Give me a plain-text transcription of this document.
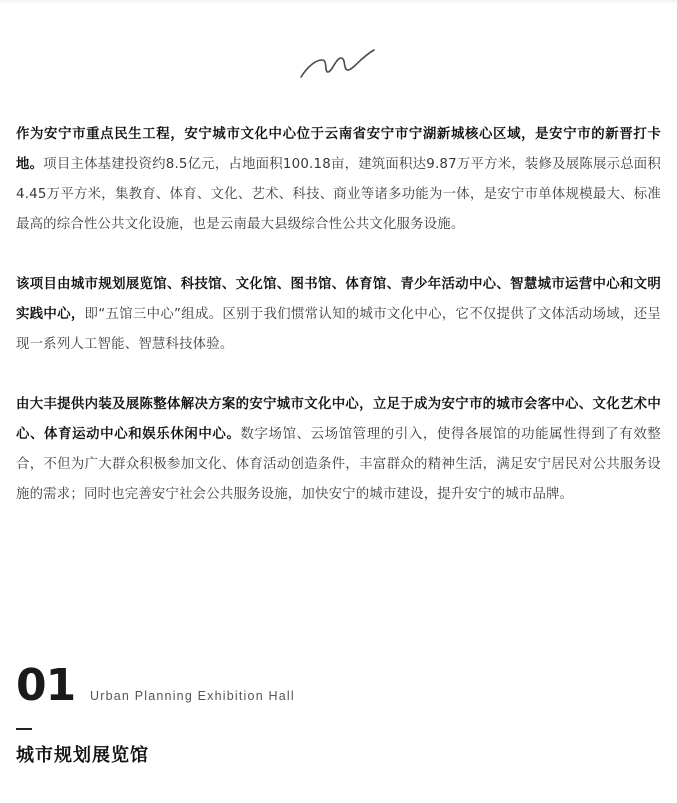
作为安宁市重点民生工程，安宁城市文化中心位于云南省安宁市宁湖新城核心区域，是安宁市的新晋打卡地。项目主体基建投资约8.5亿元，占地面积100.18亩，建筑面积达9.87万平方米，装修及展陈展示总面积4.45万平方米，集教育、体育、文化、艺术、科技、商业等诸多功能为一体，是安宁市单体规模最大、标准最高的综合性公共文化设施，也是云南最大县级综合性公共文化服务设施。

该项目由城市规划展览馆、科技馆、文化馆、图书馆、体育馆、青少年活动中心、智慧城市运营中心和文明实践中心，即“五馆三中心”组成。区别于我们惯常认知的城市文化中心，它不仅提供了文体活动场域，还呈现一系列人工智能、智慧科技体验。

由大丰提供内装及展陈整体解决方案的安宁城市文化中心，立足于成为安宁市的城市会客中心、文化艺术中心、体育运动中心和娱乐休闲中心。数字场馆、云场馆管理的引入，使得各展馆的功能属性得到了有效整合，不但为广大群众积极参加文化、体育活动创造条件，丰富群众的精神生活，满足安宁居民对公共服务设施的需求；同时也完善安宁社会公共服务设施，加快安宁的城市建设，提升安宁的城市品牌。

01 Urban Planning Exhibition Hall
城市规划展览馆
